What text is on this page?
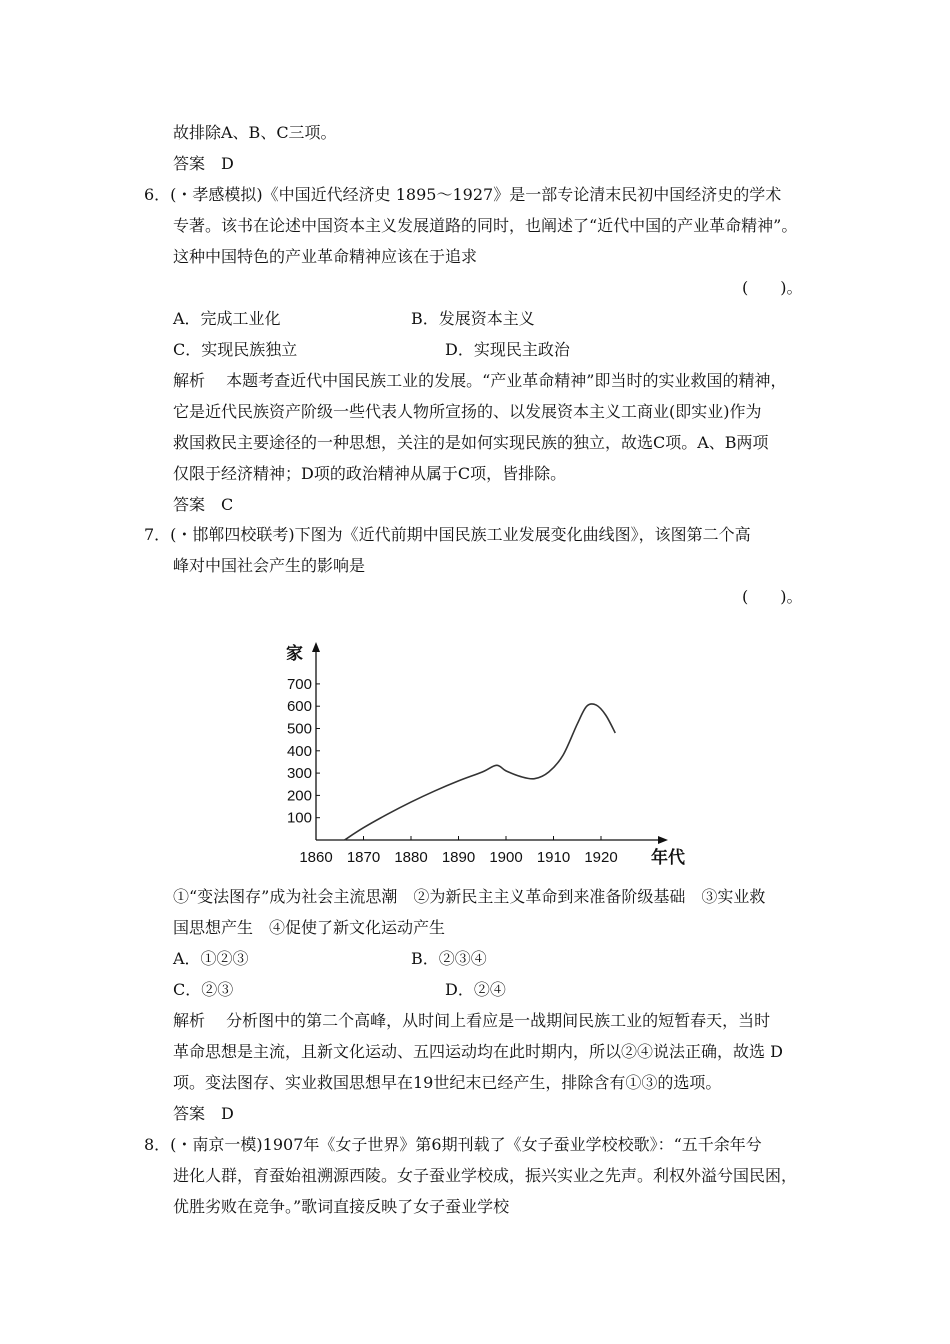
故排除A、B、C三项。
答案　D
6．(・孝感模拟)《中国近代经济史 1895～1927》是一部专论清末民初中国经济史的学术
专著。该书在论述中国资本主义发展道路的同时，也阐述了“近代中国的产业革命精神”。
这种中国特色的产业革命精神应该在于追求
(　　)。
A．完成工业化	B．发展资本主义
C．实现民族独立	D．实现民主政治
解析　 本题考查近代中国民族工业的发展。“产业革命精神”即当时的实业救国的精神，
它是近代民族资产阶级一些代表人物所宣扬的、以发展资本主义工商业(即实业)作为
救国救民主要途径的一种思想，关注的是如何实现民族的独立，故选C项。A、B两项
仅限于经济精神；D项的政治精神从属于C项，皆排除。
答案　C
7．(・邯郸四校联考)下图为《近代前期中国民族工业发展变化曲线图》，该图第二个高
峰对中国社会产生的影响是
(　　)。
1860 1870 1880 1890 1900 1910 1920
100
200
300
400
500
600
700
家
年代
①“变法图存”成为社会主流思潮　②为新民主主义革命到来准备阶级基础　③实业救
国思想产生　④促使了新文化运动产生
A．①②③	B．②③④
C．②③	D．②④
解析　 分析图中的第二个高峰，从时间上看应是一战期间民族工业的短暂春天，当时
革命思想是主流，且新文化运动、五四运动均在此时期内，所以②④说法正确，故选 D
项。变法图存、实业救国思想早在19世纪末已经产生，排除含有①③的选项。
答案　D
8．(・南京一模)1907年《女子世界》第6期刊载了《女子蚕业学校校歌》：“五千余年兮
进化人群，育蚕始祖溯源西陵。女子蚕业学校成，振兴实业之先声。利权外溢兮国民困，
优胜劣败在竞争。”歌词直接反映了女子蚕业学校
